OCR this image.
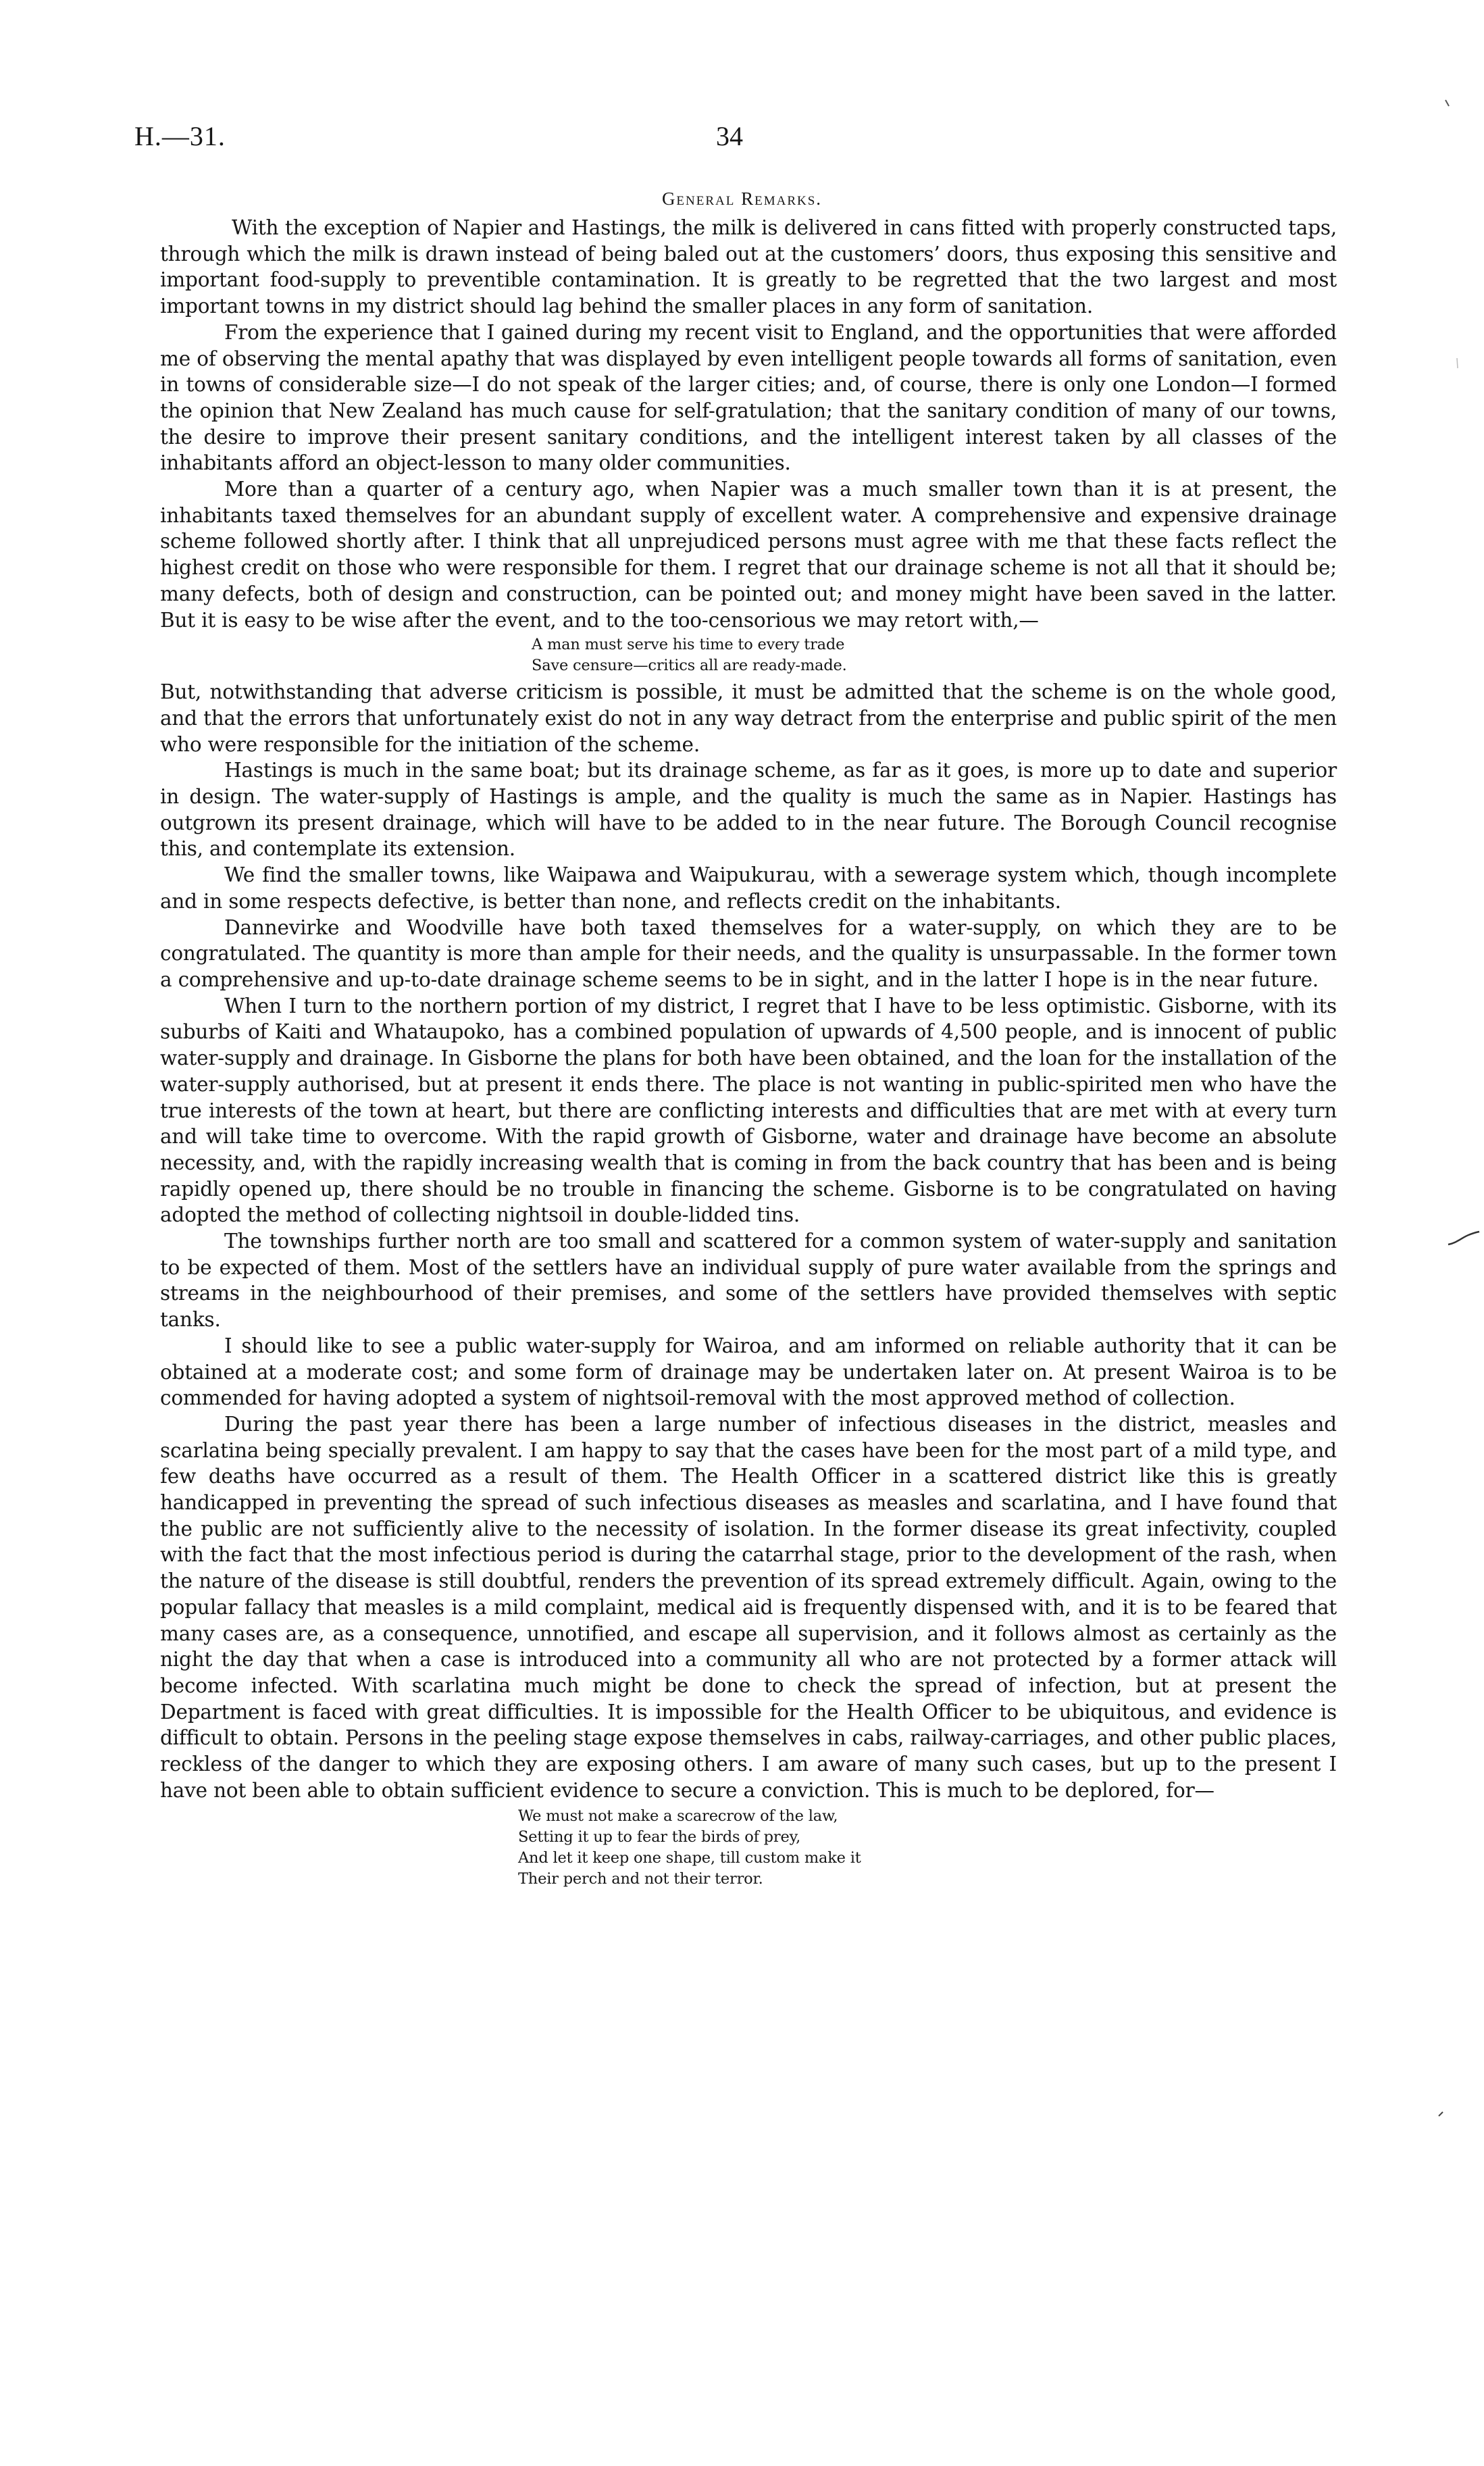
H.—31.	34
General Remarks.

With the exception of Napier and Hastings, the milk is delivered in cans fitted with properly constructed taps, through which the milk is drawn instead of being baled out at the customers’ doors, thus exposing this sensitive and important food-supply to preventible contamination. It is greatly to be regretted that the two largest and most important towns in my district should lag behind the smaller places in any form of sanitation.

From the experience that I gained during my recent visit to England, and the opportunities that were afforded me of observing the mental apathy that was displayed by even intelligent people towards all forms of sanitation, even in towns of considerable size—I do not speak of the larger cities; and, of course, there is only one London—I formed the opinion that New Zealand has much cause for self-gratulation; that the sanitary condition of many of our towns, the desire to improve their present sanitary conditions, and the intelligent interest taken by all classes of the inhabitants afford an object-lesson to many older communities.

More than a quarter of a century ago, when Napier was a much smaller town than it is at present, the inhabitants taxed themselves for an abundant supply of excellent water. A comprehensive and expensive drainage scheme followed shortly after. I think that all unprejudiced persons must agree with me that these facts reflect the highest credit on those who were responsible for them. I regret that our drainage scheme is not all that it should be; many defects, both of design and construction, can be pointed out; and money might have been saved in the latter. But it is easy to be wise after the event, and to the too-censorious we may retort with,—

A man must serve his time to every trade
Save censure—critics all are ready-made.

But, notwithstanding that adverse criticism is possible, it must be admitted that the scheme is on the whole good, and that the errors that unfortunately exist do not in any way detract from the enterprise and public spirit of the men who were responsible for the initiation of the scheme.

Hastings is much in the same boat; but its drainage scheme, as far as it goes, is more up to date and superior in design. The water-supply of Hastings is ample, and the quality is much the same as in Napier. Hastings has outgrown its present drainage, which will have to be added to in the near future. The Borough Council recognise this, and contemplate its extension.

We find the smaller towns, like Waipawa and Waipukurau, with a sewerage system which, though incomplete and in some respects defective, is better than none, and reflects credit on the inhabitants.

Dannevirke and Woodville have both taxed themselves for a water-supply, on which they are to be congratulated. The quantity is more than ample for their needs, and the quality is unsurpassable. In the former town a comprehensive and up-to-date drainage scheme seems to be in sight, and in the latter I hope is in the near future.

When I turn to the northern portion of my district, I regret that I have to be less optimistic. Gisborne, with its suburbs of Kaiti and Whataupoko, has a combined population of upwards of 4,500 people, and is innocent of public water-supply and drainage. In Gisborne the plans for both have been obtained, and the loan for the installation of the water-supply authorised, but at present it ends there. The place is not wanting in public-spirited men who have the true interests of the town at heart, but there are conflicting interests and difficulties that are met with at every turn and will take time to overcome. With the rapid growth of Gisborne, water and drainage have become an absolute necessity, and, with the rapidly increasing wealth that is coming in from the back country that has been and is being rapidly opened up, there should be no trouble in financing the scheme. Gisborne is to be congratulated on having adopted the method of collecting nightsoil in double-lidded tins.

The townships further north are too small and scattered for a common system of water-supply and sanitation to be expected of them. Most of the settlers have an individual supply of pure water available from the springs and streams in the neighbourhood of their premises, and some of the settlers have provided themselves with septic tanks.

I should like to see a public water-supply for Wairoa, and am informed on reliable authority that it can be obtained at a moderate cost; and some form of drainage may be undertaken later on. At present Wairoa is to be commended for having adopted a system of nightsoil-removal with the most approved method of collection.

During the past year there has been a large number of infectious diseases in the district, measles and scarlatina being specially prevalent. I am happy to say that the cases have been for the most part of a mild type, and few deaths have occurred as a result of them. The Health Officer in a scattered district like this is greatly handicapped in preventing the spread of such infectious diseases as measles and scarlatina, and I have found that the public are not sufficiently alive to the necessity of isolation. In the former disease its great infectivity, coupled with the fact that the most infectious period is during the catarrhal stage, prior to the development of the rash, when the nature of the disease is still doubtful, renders the prevention of its spread extremely difficult. Again, owing to the popular fallacy that measles is a mild complaint, medical aid is frequently dispensed with, and it is to be feared that many cases are, as a consequence, unnotified, and escape all supervision, and it follows almost as certainly as the night the day that when a case is introduced into a community all who are not protected by a former attack will become infected. With scarlatina much might be done to check the spread of infection, but at present the Department is faced with great difficulties. It is impossible for the Health Officer to be ubiquitous, and evidence is difficult to obtain. Persons in the peeling stage expose themselves in cabs, railway-carriages, and other public places, reckless of the danger to which they are exposing others. I am aware of many such cases, but up to the present I have not been able to obtain sufficient evidence to secure a conviction. This is much to be deplored, for—

We must not make a scarecrow of the law,
Setting it up to fear the birds of prey,
And let it keep one shape, till custom make it
Their perch and not their terror.
